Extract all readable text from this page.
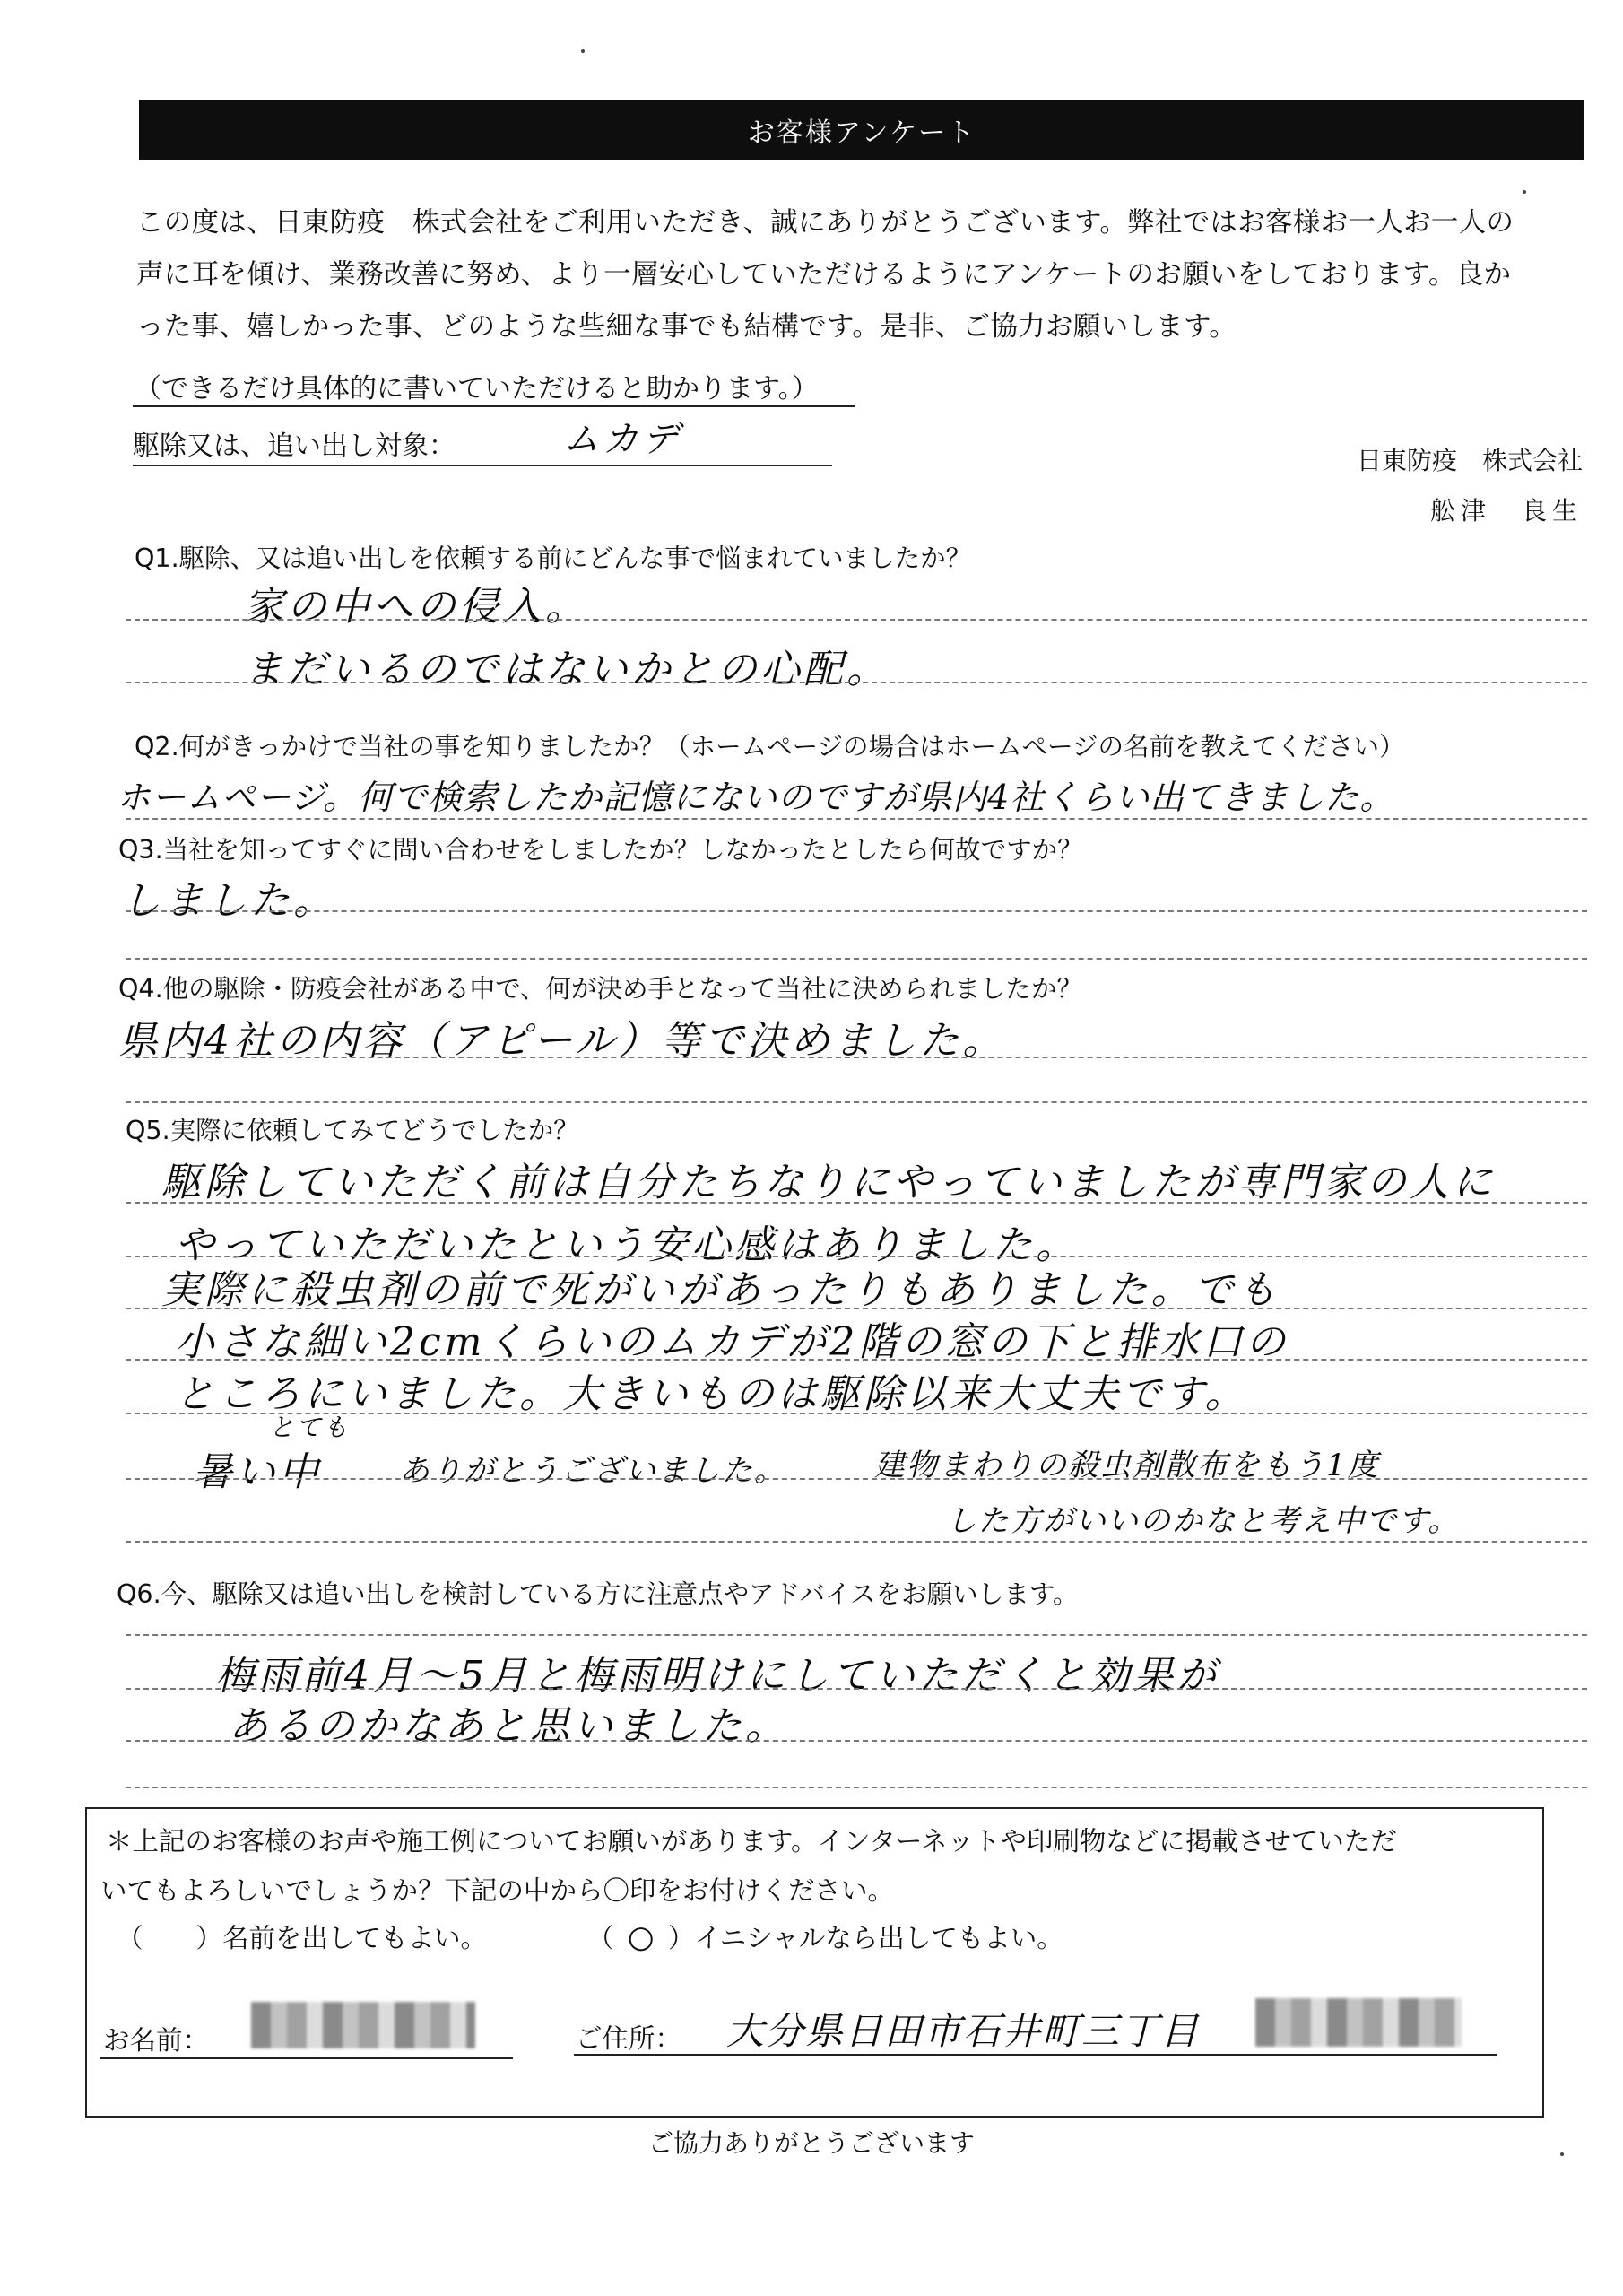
お客様アンケート
この度は、日東防疫　株式会社をご利用いただき、誠にありがとうございます。弊社ではお客様お一人お一人の
声に耳を傾け、業務改善に努め、より一層安心していただけるようにアンケートのお願いをしております。良か
った事、嬉しかった事、どのような些細な事でも結構です。是非、ご協力お願いします。
（できるだけ具体的に書いていただけると助かります。）
駆除又は、追い出し対象：	ムカデ
日東防疫　株式会社
舩津　良生
Q1.駆除、又は追い出しを依頼する前にどんな事で悩まれていましたか？
家の中への侵入。
まだいるのではないかとの心配。
Q2.何がきっかけで当社の事を知りましたか？（ホームページの場合はホームページの名前を教えてください）
ホームページ。何で検索したか記憶にないのですが県内4社くらい出てきました。
Q3.当社を知ってすぐに問い合わせをしましたか？しなかったとしたら何故ですか？
しました。
Q4.他の駆除・防疫会社がある中で、何が決め手となって当社に決められましたか？
県内4社の内容（アピール）等で決めました。
Q5.実際に依頼してみてどうでしたか？
駆除していただく前は自分たちなりにやっていましたが専門家の人に
やっていただいたという安心感はありました。
実際に殺虫剤の前で死がいがあったりもありました。でも
小さな細い2cmくらいのムカデが2階の窓の下と排水口の
ところにいました。大きいものは駆除以来大丈夫です。
とても
暑い中	ありがとうございました。	建物まわりの殺虫剤散布をもう1度
した方がいいのかなと考え中です。
Q6.今、駆除又は追い出しを検討している方に注意点やアドバイスをお願いします。
梅雨前4月～5月と梅雨明けにしていただくと効果が
あるのかなあと思いました。
＊上記のお客様のお声や施工例についてお願いがあります。インターネットや印刷物などに掲載させていただ
いてもよろしいでしょうか？下記の中から〇印をお付けください。
（　　）名前を出してもよい。	（ ○ ）イニシャルなら出してもよい。
お名前：	ご住所： 大分県日田市石井町三丁目
ご協力ありがとうございます
